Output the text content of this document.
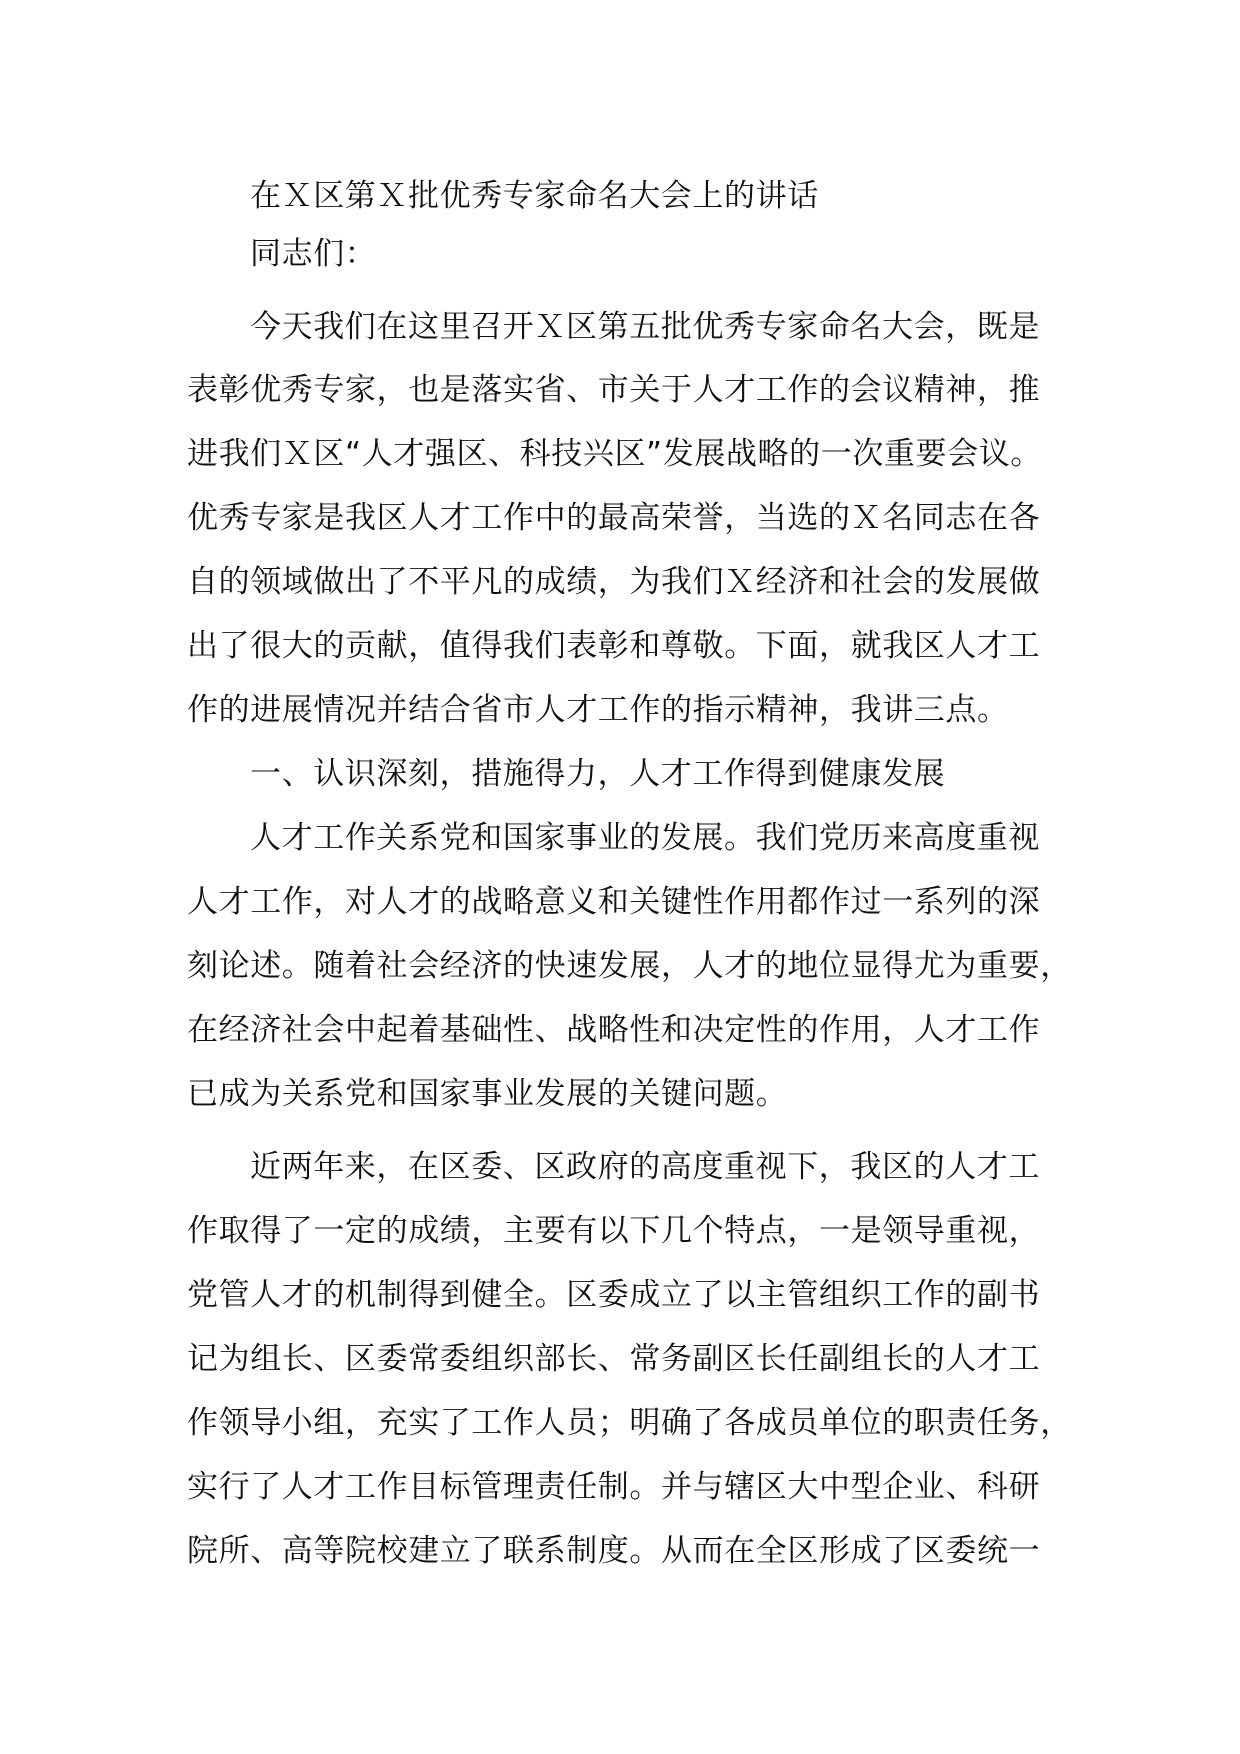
在Ｘ区第Ｘ批优秀专家命名大会上的讲话

同志们：

今天我们在这里召开Ｘ区第五批优秀专家命名大会，既是

表彰优秀专家，也是落实省、市关于人才工作的会议精神，推

进我们Ｘ区“人才强区、科技兴区”发展战略的一次重要会议。

优秀专家是我区人才工作中的最高荣誉，当选的Ｘ名同志在各

自的领域做出了不平凡的成绩，为我们Ｘ经济和社会的发展做

出了很大的贡献，值得我们表彰和尊敬。下面，就我区人才工

作的进展情况并结合省市人才工作的指示精神，我讲三点。

一、认识深刻，措施得力，人才工作得到健康发展

人才工作关系党和国家事业的发展。我们党历来高度重视

人才工作，对人才的战略意义和关键性作用都作过一系列的深

刻论述。随着社会经济的快速发展，人才的地位显得尤为重要，

在经济社会中起着基础性、战略性和决定性的作用，人才工作

已成为关系党和国家事业发展的关键问题。

近两年来，在区委、区政府的高度重视下，我区的人才工

作取得了一定的成绩，主要有以下几个特点，一是领导重视，

党管人才的机制得到健全。区委成立了以主管组织工作的副书

记为组长、区委常委组织部长、常务副区长任副组长的人才工

作领导小组，充实了工作人员；明确了各成员单位的职责任务，

实行了人才工作目标管理责任制。并与辖区大中型企业、科研

院所、高等院校建立了联系制度。从而在全区形成了区委统一
